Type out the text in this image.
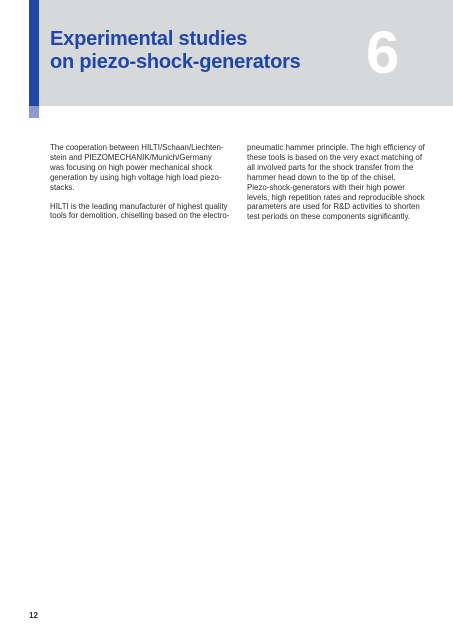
Experimental studies
on piezo-shock-generators 6

The cooperation between HILTI/Schaan/Liechten-
stein and PIEZOMECHANIK/Munich/Germany
was focusing on high power mechanical shock
generation by using high voltage high load piezo-
stacks.

HILTI is the leading manufacturer of highest quality
tools for demolition, chiselling based on the electro-

pneumatic hammer principle. The high efficiency of
these tools is based on the very exact matching of
all involved parts for the shock transfer from the
hammer head down to the tip of the chisel.
Piezo-shock-generators with their high power
levels, high repetition rates and reproducible shock
parameters are used for R&D activities to shorten
test periods on these components significantly.

12
